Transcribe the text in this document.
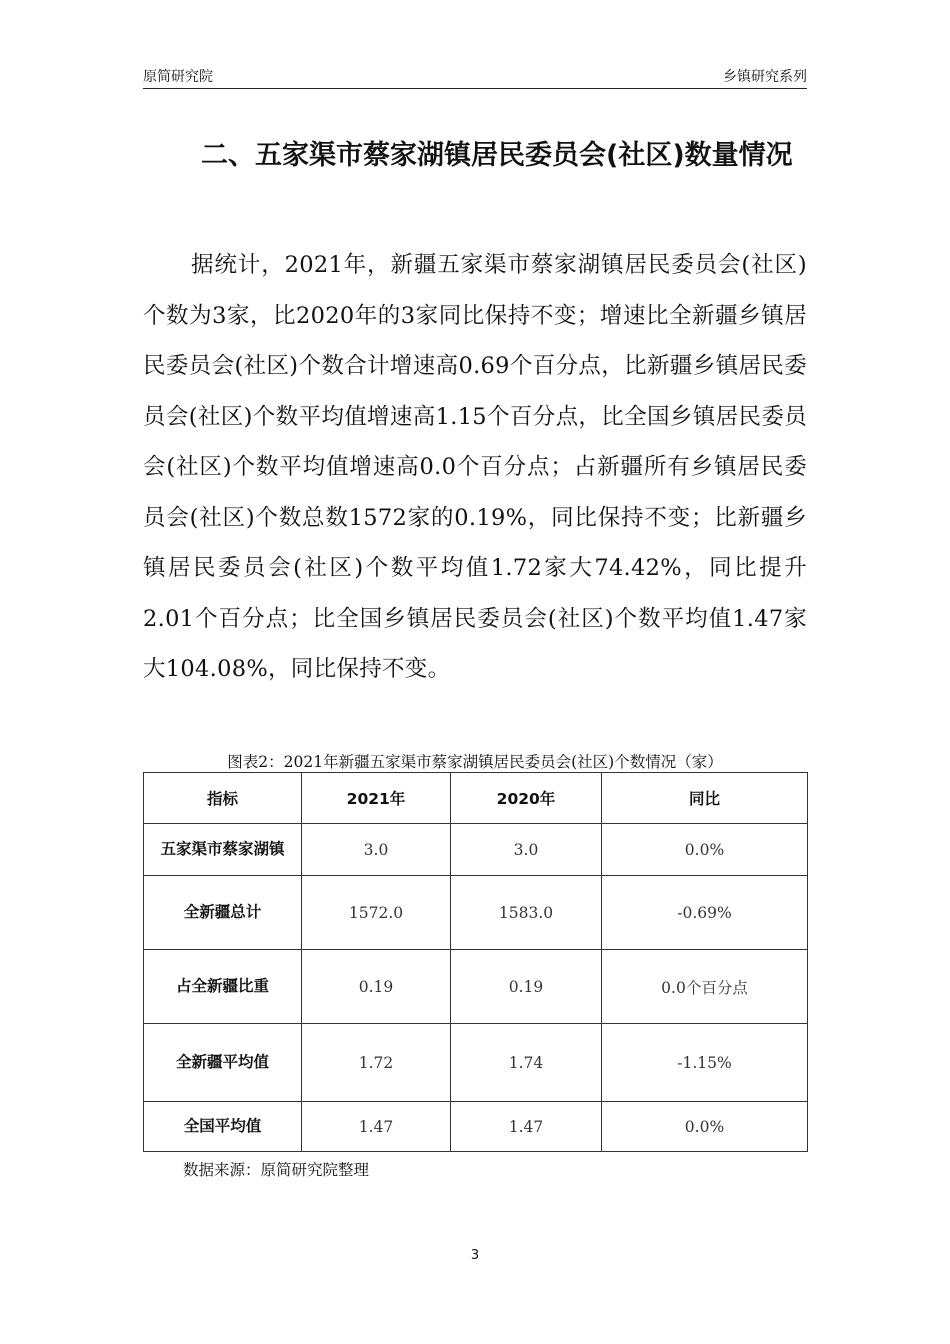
原简研究院	乡镇研究系列
二、五家渠市蔡家湖镇居民委员会(社区)数量情况

据统计，2021年，新疆五家渠市蔡家湖镇居民委员会(社区)个数为3家，比2020年的3家同比保持不变；增速比全新疆乡镇居民委员会(社区)个数合计增速高0.69个百分点，比新疆乡镇居民委员会(社区)个数平均值增速高1.15个百分点，比全国乡镇居民委员会(社区)个数平均值增速高0.0个百分点；占新疆所有乡镇居民委员会(社区)个数总数1572家的0.19%，同比保持不变；比新疆乡镇居民委员会(社区)个数平均值1.72家大74.42%，同比提升2.01个百分点；比全国乡镇居民委员会(社区)个数平均值1.47家大104.08%，同比保持不变。

图表2：2021年新疆五家渠市蔡家湖镇居民委员会(社区)个数情况（家）
指标	2021年	2020年	同比
五家渠市蔡家湖镇	3.0	3.0	0.0%
全新疆总计	1572.0	1583.0	-0.69%
占全新疆比重	0.19	0.19	0.0个百分点
全新疆平均值	1.72	1.74	-1.15%
全国平均值	1.47	1.47	0.0%
数据来源：原简研究院整理
3
